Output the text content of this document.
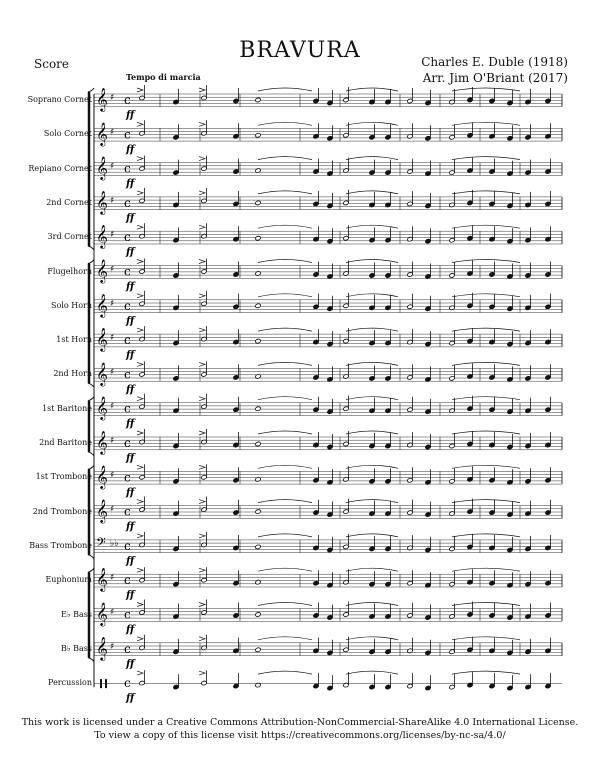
Score
BRAVURA	Charles E. Duble (1918)
Arr. Jim O'Briant (2017)
Tempo di marcia
Soprano Cornet
Solo Cornet
Repiano Cornet
2nd Cornet
3rd Cornet
Flugelhorn
Solo Horn
1st Horn
2nd Horn
1st Baritone
2nd Baritone
1st Trombone
2nd Trombone
Bass Trombone
Euphonium
E♭ Bass
B♭ Bass
Percussion
𝄞 ♯ c
ff
𝄞 ♯ c
ff
𝄞 ♯ c
ff
𝄞 ♯ c
ff
𝄞 ♯ c
ff
𝄞 ♯ c
ff
𝄞 ♯ c
ff
𝄞 ♯ c
ff
𝄞 ♯ c
ff
𝄞 ♯ c
ff
𝄞 ♯ c
ff
𝄞 ♯ c
ff
𝄞 ♯ c
ff
𝄢 ♭♭ c
ff
𝄞 ♯ c
ff
𝄞 ♯ c
ff
𝄞 ♯ c
ff
c
ff
This work is licensed under a Creative Commons Attribution-NonCommercial-ShareAlike 4.0 International License.
To view a copy of this license visit https://creativecommons.org/licenses/by-nc-sa/4.0/
